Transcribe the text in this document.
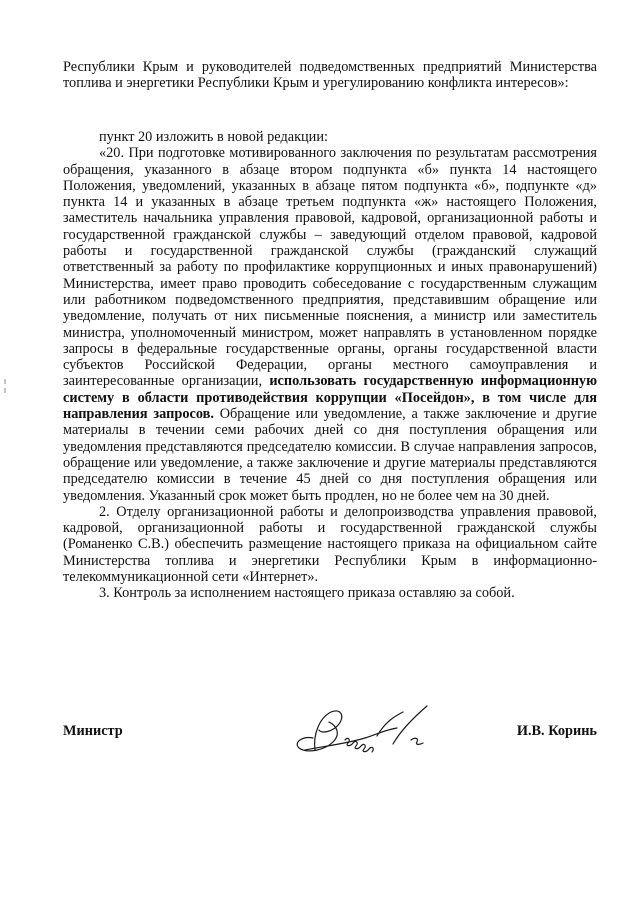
Республики Крым и руководителей подведомственных предприятий Министерства топлива и энергетики Республики Крым и урегулированию конфликта интересов»:

пункт 20 изложить в новой редакции:

«20. При подготовке мотивированного заключения по результатам рассмотрения обращения, указанного в абзаце втором подпункта «б» пункта 14 настоящего Положения, уведомлений, указанных в абзаце пятом подпункта «б», подпункте «д» пункта 14 и указанных в абзаце третьем подпункта «ж» настоящего Положения, заместитель начальника управления правовой, кадровой, организационной работы и государственной гражданской службы – заведующий отделом правовой, кадровой работы и государственной гражданской службы (гражданский служащий ответственный за работу по профилактике коррупционных и иных правонарушений) Министерства, имеет право проводить собеседование с государственным служащим или работником подведомственного предприятия, представившим обращение или уведомление, получать от них письменные пояснения, а министр или заместитель министра, уполномоченный министром, может направлять в установленном порядке запросы в федеральные государственные органы, органы государственной власти субъектов Российской Федерации, органы местного самоуправления и заинтересованные организации, использовать государственную информационную систему в области противодействия коррупции «Посейдон», в том числе для направления запросов. Обращение или уведомление, а также заключение и другие материалы в течении семи рабочих дней со дня поступления обращения или уведомления представляются председателю комиссии. В случае направления запросов, обращение или уведомление, а также заключение и другие материалы представляются председателю комиссии в течение 45 дней со дня поступления обращения или уведомления. Указанный срок может быть продлен, но не более чем на 30 дней.

2. Отделу организационной работы и делопроизводства управления правовой, кадровой, организационной работы и государственной гражданской службы (Романенко С.В.) обеспечить размещение настоящего приказа на официальном сайте Министерства топлива и энергетики Республики Крым в информационно-телекоммуникационной сети «Интернет».

3. Контроль за исполнением настоящего приказа оставляю за собой.

Министр	И.В. Коринь
